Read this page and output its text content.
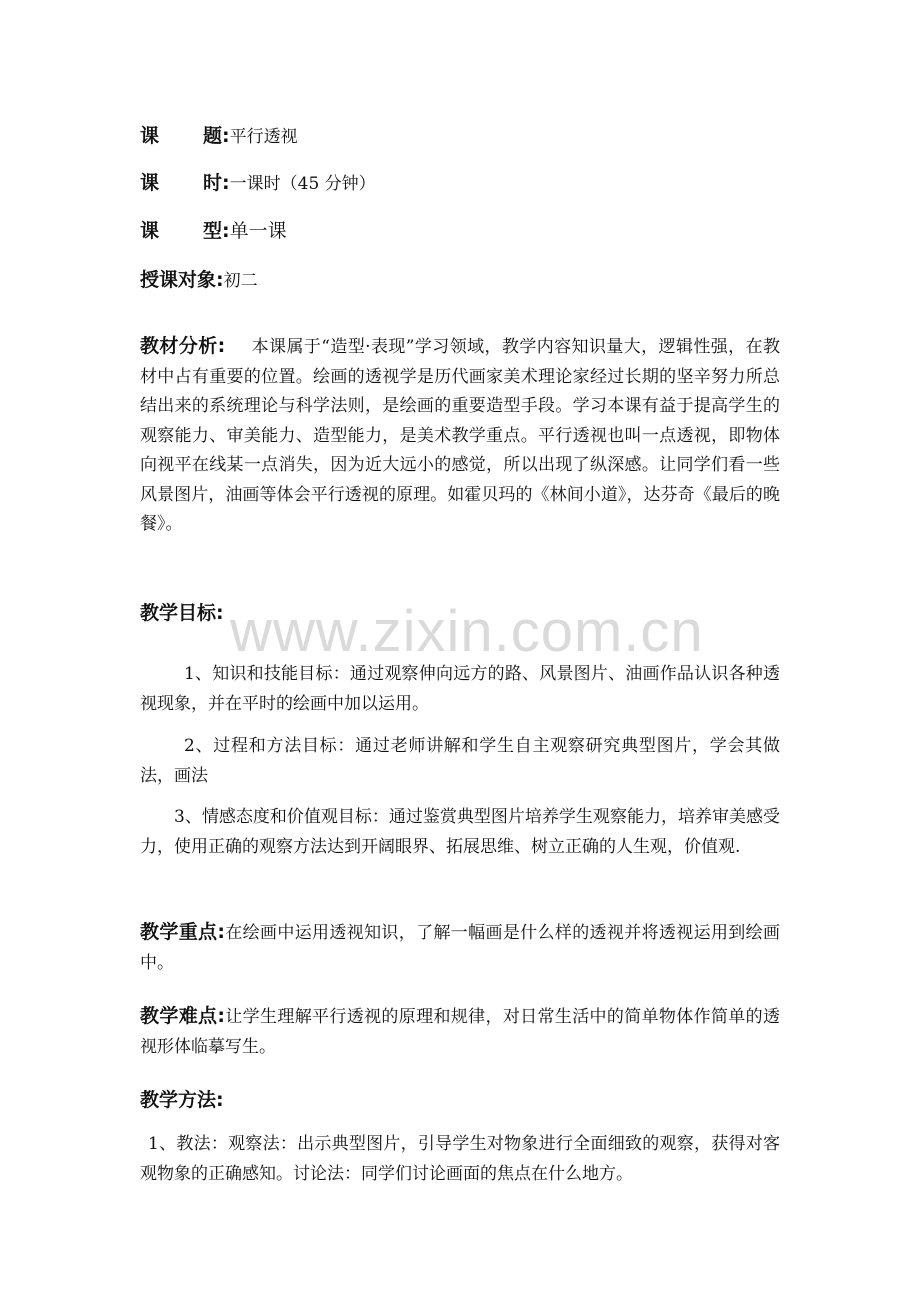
课 题:平行透视
课 时:一课时（45 分钟）
课 型:单一课
授课对象:初二
教材分析: 本课属于“造型·表现”学习领域，教学内容知识量大，逻辑性强，在教材中占有重要的位置。绘画的透视学是历代画家美术理论家经过长期的坚辛努力所总结出来的系统理论与科学法则，是绘画的重要造型手段。学习本课有益于提高学生的观察能力、审美能力、造型能力，是美术教学重点。平行透视也叫一点透视，即物体向视平在线某一点消失，因为近大远小的感觉，所以出现了纵深感。让同学们看一些风景图片，油画等体会平行透视的原理。如霍贝玛的《林间小道》，达芬奇《最后的晚餐》。
教学目标:
1、知识和技能目标：通过观察伸向远方的路、风景图片、油画作品认识各种透视现象，并在平时的绘画中加以运用。
2、过程和方法目标：通过老师讲解和学生自主观察研究典型图片，学会其做法，画法
3、情感态度和价值观目标：通过鉴赏典型图片培养学生观察能力，培养审美感受力，使用正确的观察方法达到开阔眼界、拓展思维、树立正确的人生观，价值观.
教学重点:在绘画中运用透视知识，了解一幅画是什么样的透视并将透视运用到绘画中。
教学难点:让学生理解平行透视的原理和规律，对日常生活中的简单物体作简单的透视形体临摹写生。
教学方法:
1、教法：观察法：出示典型图片，引导学生对物象进行全面细致的观察，获得对客观物象的正确感知。讨论法：同学们讨论画面的焦点在什么地方。
www.zixin.com.cn
